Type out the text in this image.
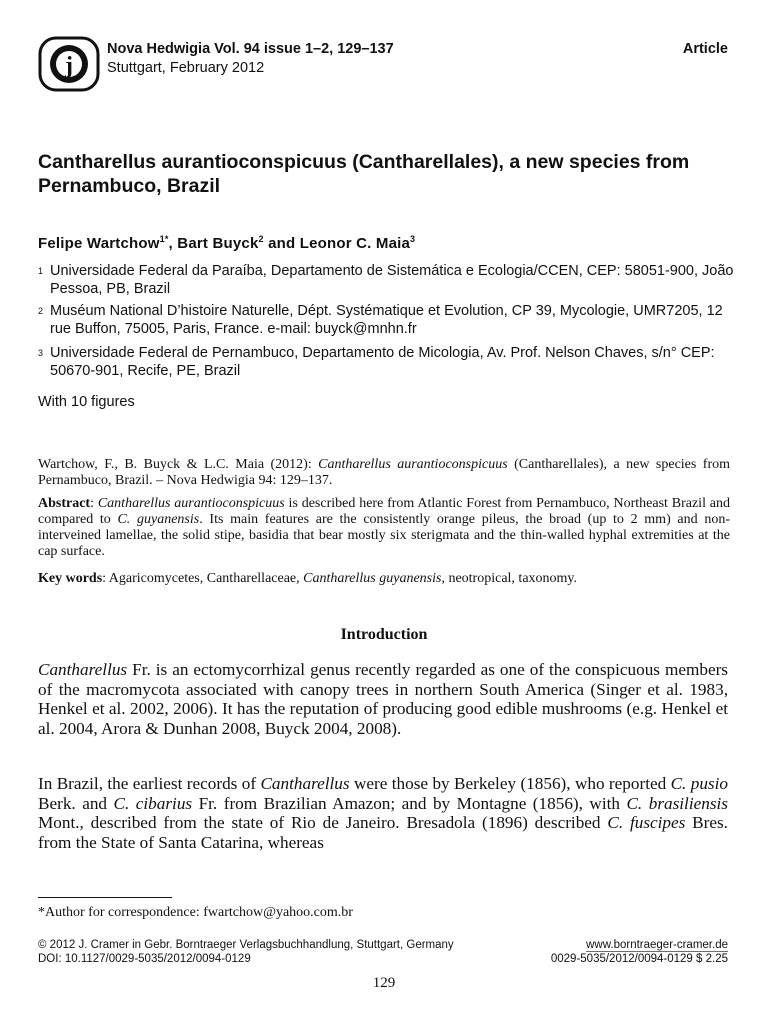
j
Nova Hedwigia Vol. 94 issue 1–2, 129–137
Stuttgart, February 2012
Article
Cantharellus aurantioconspicuus (Cantharellales), a new species from Pernambuco, Brazil
Felipe Wartchow$^{1*}$, Bart Buyck$^2$ and Leonor C. Maia$^3$
1 Universidade Federal da Paraíba, Departamento de Sistemática e Ecologia/CCEN, CEP: 58051-900, João Pessoa, PB, Brazil
2 Muséum National D’histoire Naturelle, Dépt. Systématique et Evolution, CP 39, Mycologie, UMR7205, 12 rue Buffon, 75005, Paris, France. e-mail: buyck@mnhn.fr
3 Universidade Federal de Pernambuco, Departamento de Micologia, Av. Prof. Nelson Chaves, s/n° CEP: 50670-901, Recife, PE, Brazil
With 10 figures
Wartchow, F., B. Buyck & L.C. Maia (2012): Cantharellus aurantioconspicuus (Cantharellales), a new species from Pernambuco, Brazil. – Nova Hedwigia 94: 129–137.
Abstract: Cantharellus aurantioconspicuus is described here from Atlantic Forest from Pernambuco, Northeast Brazil and compared to C. guyanensis. Its main features are the consistently orange pileus, the broad (up to 2 mm) and non-interveined lamellae, the solid stipe, basidia that bear mostly six sterigmata and the thin-walled hyphal extremities at the cap surface.
Key words: Agaricomycetes, Cantharellaceae, Cantharellus guyanensis, neotropical, taxonomy.
Introduction
Cantharellus Fr. is an ectomycorrhizal genus recently regarded as one of the conspicuous members of the macromycota associated with canopy trees in northern South America (Singer et al. 1983, Henkel et al. 2002, 2006). It has the reputation of producing good edible mushrooms (e.g. Henkel et al. 2004, Arora & Dunhan 2008, Buyck 2004, 2008).
In Brazil, the earliest records of Cantharellus were those by Berkeley (1856), who reported C. pusio Berk. and C. cibarius Fr. from Brazilian Amazon; and by Montagne (1856), with C. brasiliensis Mont., described from the state of Rio de Janeiro. Bresadola (1896) described C. fuscipes Bres. from the State of Santa Catarina, whereas
*Author for correspondence: fwartchow@yahoo.com.br
© 2012 J. Cramer in Gebr. Borntraeger Verlagsbuchhandlung, Stuttgart, Germany
DOI: 10.1127/0029-5035/2012/0094-0129
www.borntraeger-cramer.de
0029-5035/2012/0094-0129 $ 2.25
129
